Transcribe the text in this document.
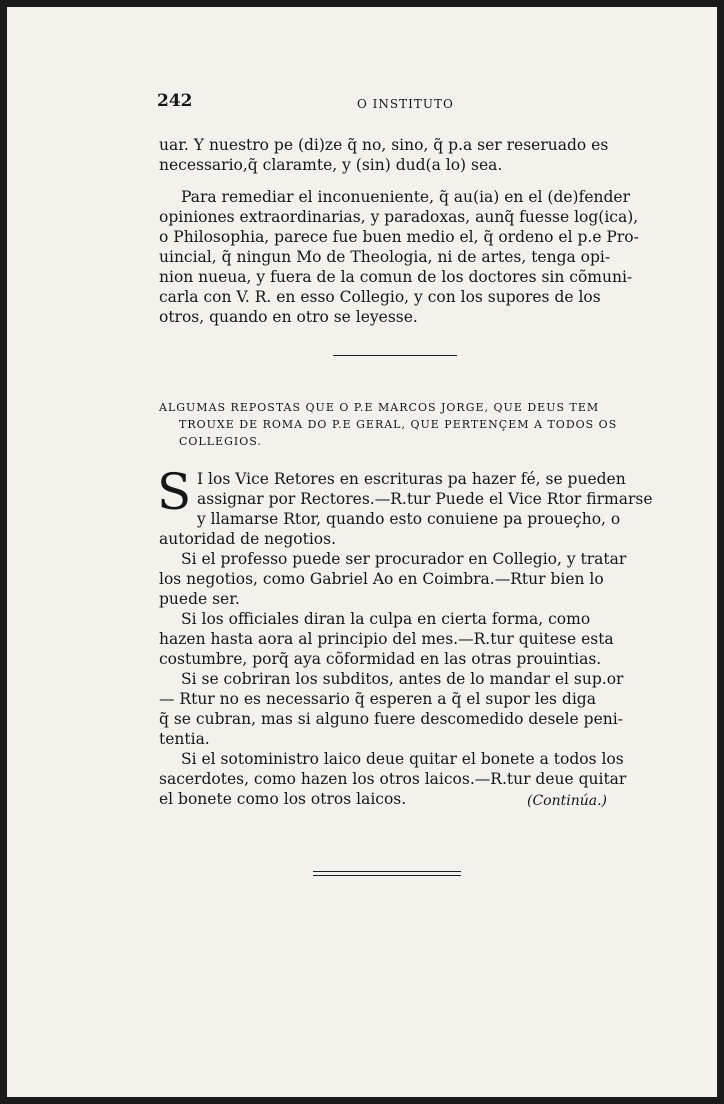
242	O INSTITUTO
uar. Y nuestro pe (di)ze q̃ no, sino, q̃ p.a ser reseruado es
necessario,q̃ claramte, y (sin) dud(a lo) sea.
Para remediar el inconueniente, q̃ au(ia) en el (de)fender
opiniones extraordinarias, y paradoxas, aunq̃ fuesse log(ica),
o Philosophia, parece fue buen medio el, q̃ ordeno el p.e Pro-
uincial, q̃ ningun Mo de Theologia, ni de artes, tenga opi-
nion nueua, y fuera de la comun de los doctores sin cõmuni-
carla con V. R. en esso Collegio, y con los supores de los
otros, quando en otro se leyesse.
ALGUMAS REPOSTAS QUE O P.E MARCOS JORGE, QUE DEUS TEM
TROUXE DE ROMA DO P.E GERAL, QUE PERTENÇEM A TODOS OS
COLLEGIOS.
S I los Vice Retores en escrituras pa hazer fé, se pueden
assignar por Rectores.—R.tur Puede el Vice Rtor firmarse
y llamarse Rtor, quando esto conuiene pa proueçho, o
autoridad de negotios.
Si el professo puede ser procurador en Collegio, y tratar
los negotios, como Gabriel Ao en Coimbra.—Rtur bien lo
puede ser.
Si los officiales diran la culpa en cierta forma, como
hazen hasta aora al principio del mes.—R.tur quitese esta
costumbre, porq̃ aya cõformidad en las otras prouintias.
Si se cobriran los subditos, antes de lo mandar el sup.or
— Rtur no es necessario q̃ esperen a q̃ el supor les diga
q̃ se cubran, mas si alguno fuere descomedido desele peni-
tentia.
Si el sotoministro laico deue quitar el bonete a todos los
sacerdotes, como hazen los otros laicos.—R.tur deue quitar
el bonete como los otros laicos.	(Continúa.)
